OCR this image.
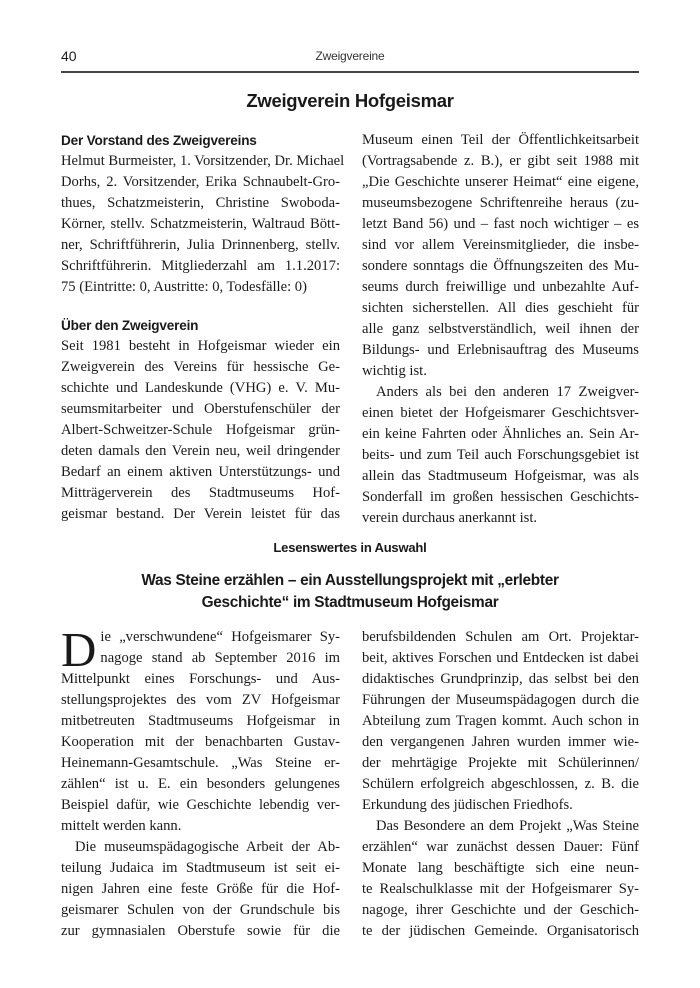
40	Zweigvereine
Zweigverein Hofgeismar

Der Vorstand des Zweigvereins

Helmut Burmeister, 1. Vorsitzender, Dr. Michael
Dorhs, 2. Vorsitzender, Erika Schnaubelt-Gro-
thues, Schatzmeisterin, Christine Swoboda-
Körner, stellv. Schatzmeisterin, Waltraud Bött-
ner, Schriftführerin, Julia Drinnenberg, stellv.
Schriftführerin. Mitgliederzahl am 1.1.2017:
75 (Eintritte: 0, Austritte: 0, Todesfälle: 0)

Über den Zweigverein

Seit 1981 besteht in Hofgeismar wieder ein
Zweigverein des Vereins für hessische Ge-
schichte und Landeskunde (VHG) e. V. Mu-
seumsmitarbeiter und Oberstufenschüler der
Albert-Schweitzer-Schule Hofgeismar grün-
deten damals den Verein neu, weil dringender
Bedarf an einem aktiven Unterstützungs- und
Mitträgerverein des Stadtmuseums Hof-
geismar bestand. Der Verein leistet für das

Museum einen Teil der Öffentlichkeitsarbeit
(Vortragsabende z. B.), er gibt seit 1988 mit
„Die Geschichte unserer Heimat“ eine eigene,
museumsbezogene Schriftenreihe heraus (zu-
letzt Band 56) und – fast noch wichtiger – es
sind vor allem Vereinsmitglieder, die insbe-
sondere sonntags die Öffnungszeiten des Mu-
seums durch freiwillige und unbezahlte Auf-
sichten sicherstellen. All dies geschieht für
alle ganz selbstverständlich, weil ihnen der
Bildungs- und Erlebnisauftrag des Museums
wichtig ist.

Anders als bei den anderen 17 Zweigver-
einen bietet der Hofgeismarer Geschichtsver-
ein keine Fahrten oder Ähnliches an. Sein Ar-
beits- und zum Teil auch Forschungsgebiet ist
allein das Stadtmuseum Hofgeismar, was als
Sonderfall im großen hessischen Geschichts-
verein durchaus anerkannt ist.

Lesenswertes in Auswahl
Was Steine erzählen – ein Ausstellungsprojekt mit „erlebter
Geschichte“ im Stadtmuseum Hofgeismar

D ie „verschwundene“ Hofgeismarer Sy-
nagoge stand ab September 2016 im
Mittelpunkt eines Forschungs- und Aus-
stellungsprojektes des vom ZV Hofgeismar
mitbetreuten Stadtmuseums Hofgeismar in
Kooperation mit der benachbarten Gustav-
Heinemann-Gesamtschule. „Was Steine er-
zählen“ ist u. E. ein besonders gelungenes
Beispiel dafür, wie Geschichte lebendig ver-
mittelt werden kann.

Die museumspädagogische Arbeit der Ab-
teilung Judaica im Stadtmuseum ist seit ei-
nigen Jahren eine feste Größe für die Hof-
geismarer Schulen von der Grundschule bis
zur gymnasialen Oberstufe sowie für die

berufsbildenden Schulen am Ort. Projektar-
beit, aktives Forschen und Entdecken ist dabei
didaktisches Grundprinzip, das selbst bei den
Führungen der Museumspädagogen durch die
Abteilung zum Tragen kommt. Auch schon in
den vergangenen Jahren wurden immer wie-
der mehrtägige Projekte mit Schülerinnen/
Schülern erfolgreich abgeschlossen, z. B. die
Erkundung des jüdischen Friedhofs.

Das Besondere an dem Projekt „Was Steine
erzählen“ war zunächst dessen Dauer: Fünf
Monate lang beschäftigte sich eine neun-
te Realschulklasse mit der Hofgeismarer Sy-
nagoge, ihrer Geschichte und der Geschich-
te der jüdischen Gemeinde. Organisatorisch
